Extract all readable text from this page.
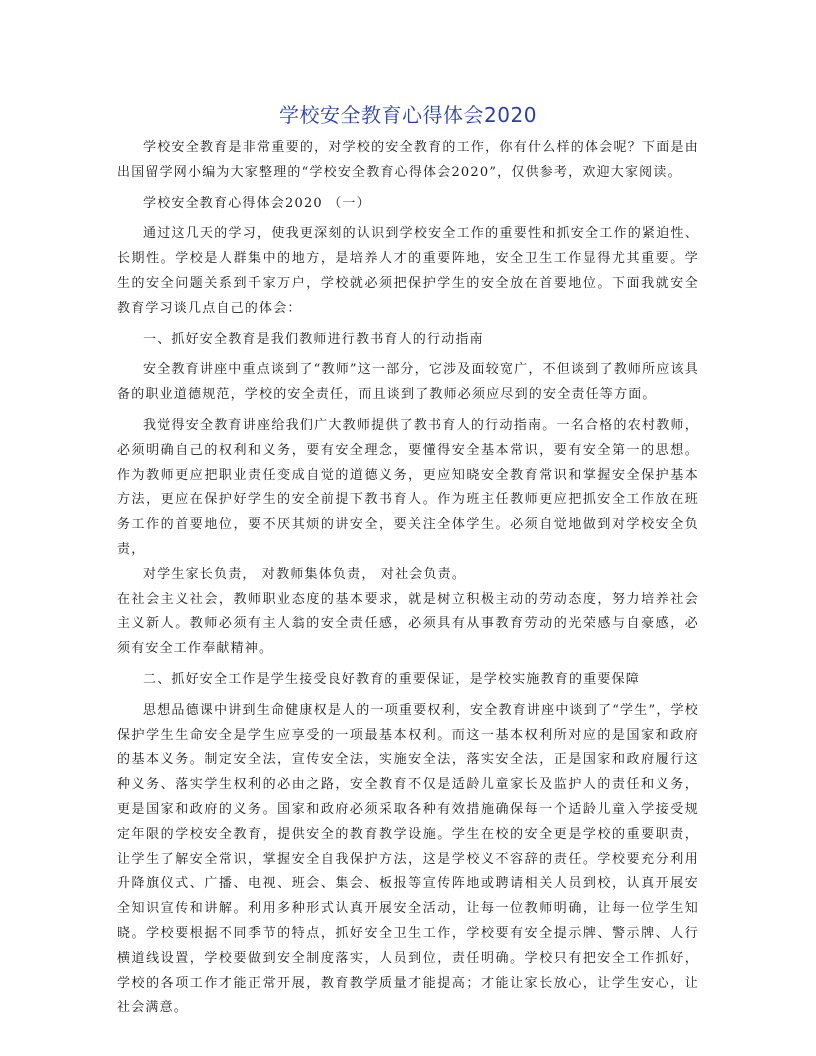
学校安全教育心得体会2020

学校安全教育是非常重要的，对学校的安全教育的工作，你有什么样的体会呢？下面是由出国留学网小编为大家整理的“学校安全教育心得体会2020”，仅供参考，欢迎大家阅读。

学校安全教育心得体会2020 （一）

通过这几天的学习，使我更深刻的认识到学校安全工作的重要性和抓安全工作的紧迫性、长期性。学校是人群集中的地方，是培养人才的重要阵地，安全卫生工作显得尤其重要。学生的安全问题关系到千家万户，学校就必须把保护学生的安全放在首要地位。下面我就安全教育学习谈几点自己的体会：

一、抓好安全教育是我们教师进行教书育人的行动指南

安全教育讲座中重点谈到了“教师”这一部分，它涉及面较宽广，不但谈到了教师所应该具备的职业道德规范，学校的安全责任，而且谈到了教师必须应尽到的安全责任等方面。

我觉得安全教育讲座给我们广大教师提供了教书育人的行动指南。一名合格的农村教师，必须明确自己的权利和义务，要有安全理念，要懂得安全基本常识，要有安全第一的思想。作为教师更应把职业责任变成自觉的道德义务，更应知晓安全教育常识和掌握安全保护基本方法，更应在保护好学生的安全前提下教书育人。作为班主任教师更应把抓安全工作放在班务工作的首要地位，要不厌其烦的讲安全，要关注全体学生。必须自觉地做到对学校安全负责，
对学生家长负责， 对教师集体负责， 对社会负责。

在社会主义社会，教师职业态度的基本要求，就是树立积极主动的劳动态度，努力培养社会主义新人。教师必须有主人翁的安全责任感，必须具有从事教育劳动的光荣感与自豪感，必须有安全工作奉献精神。

二、抓好安全工作是学生接受良好教育的重要保证，是学校实施教育的重要保障

思想品德课中讲到生命健康权是人的一项重要权利，安全教育讲座中谈到了“学生”，学校保护学生生命安全是学生应享受的一项最基本权利。而这一基本权利所对应的是国家和政府的基本义务。制定安全法，宣传安全法，实施安全法，落实安全法，正是国家和政府履行这种义务、落实学生权利的必由之路，安全教育不仅是适龄儿童家长及监护人的责任和义务，更是国家和政府的义务。国家和政府必须采取各种有效措施确保每一个适龄儿童入学接受规定年限的学校安全教育，提供安全的教育教学设施。学生在校的安全更是学校的重要职责，让学生了解安全常识，掌握安全自我保护方法，这是学校义不容辞的责任。学校要充分利用升降旗仪式、广播、电视、班会、集会、板报等宣传阵地或聘请相关人员到校，认真开展安全知识宣传和讲解。利用多种形式认真开展安全活动，让每一位教师明确，让每一位学生知晓。学校要根据不同季节的特点，抓好安全卫生工作，学校要有安全提示牌、警示牌、人行横道线设置，学校要做到安全制度落实，人员到位，责任明确。学校只有把安全工作抓好，学校的各项工作才能正常开展，教育教学质量才能提高；才能让家长放心，让学生安心，让社会满意。
